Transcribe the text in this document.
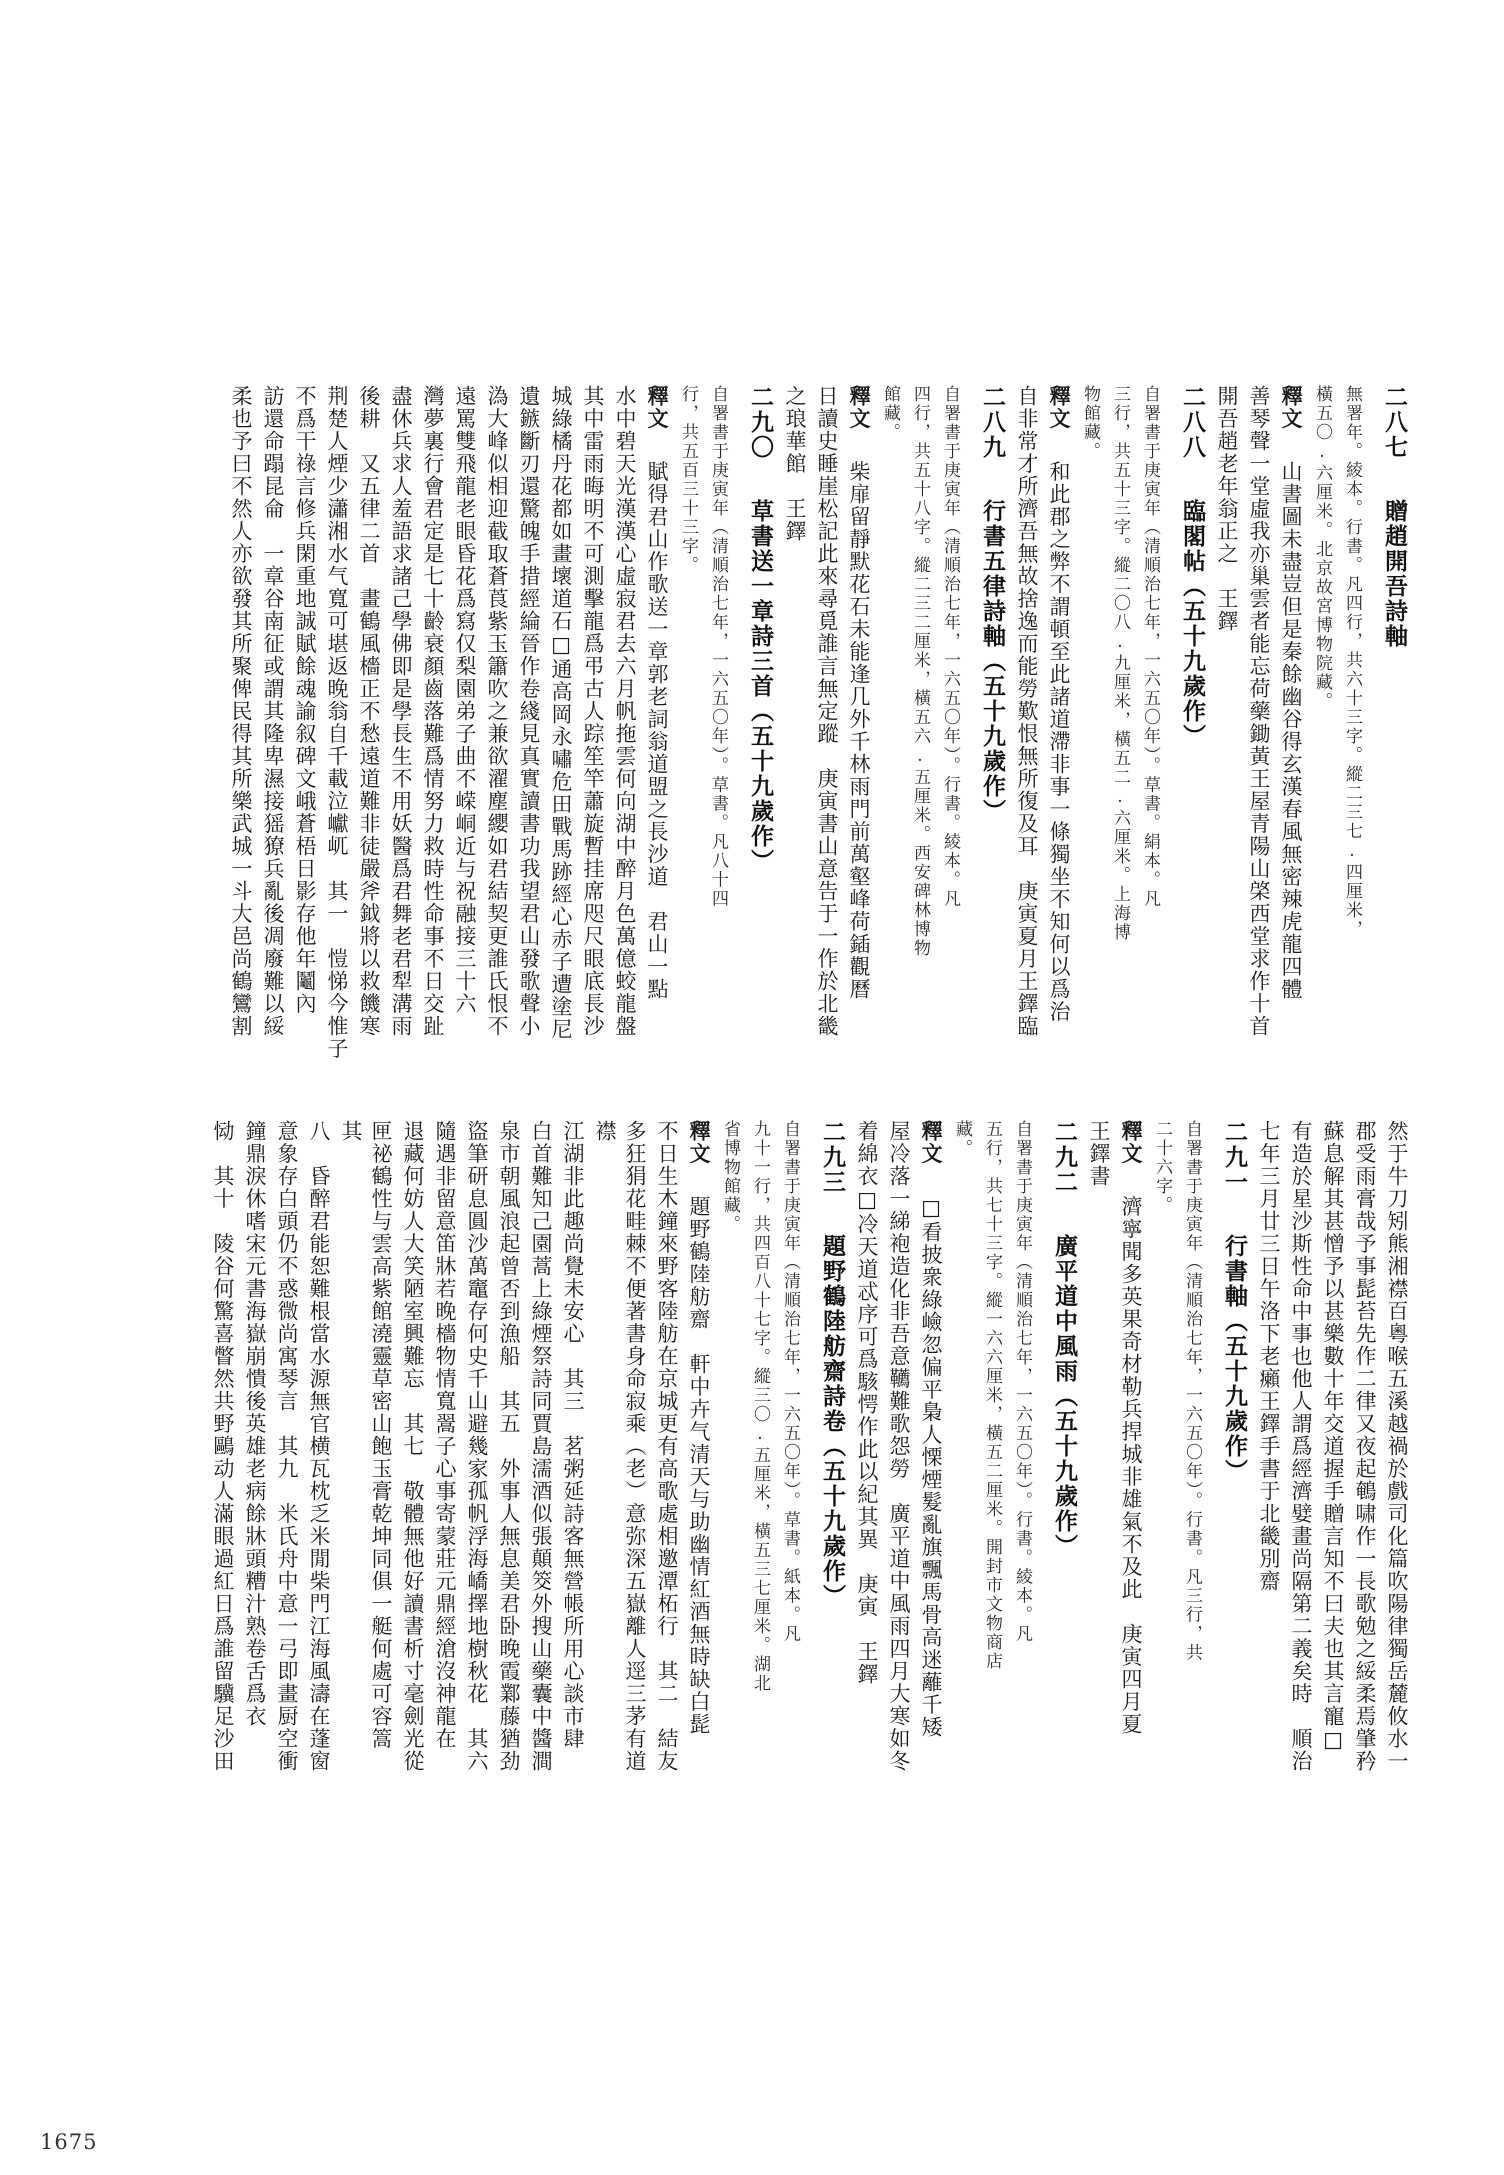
二八七　贈趙開吾詩軸
無署年。綾本。行書。凡四行，共六十三字。縱二三七.四厘米，
橫五〇.六厘米。北京故宮博物院藏。
釋文　山書圖未盡豈但是秦餘幽谷得玄漢春風無密辣虎龍四體
善琴聲一堂虛我亦巢雲者能忘荷藥鋤黃王屋青陽山棨西堂求作十首
開吾趙老年翁正之　王鐸
二八八　臨閣帖（五十九歲作）
自署書于庚寅年（清順治七年，一六五〇年）。草書。絹本。凡
三行，共五十三字。縱二〇八.九厘米，橫五二.六厘米。上海博
物館藏。
釋文　和此郡之弊不謂頓至此諸道滯非事一條獨坐不知何以爲治
自非常才所濟吾無故捨逸而能勞歎恨無所復及耳　庚寅夏月王鐸臨
二八九　行書五律詩軸（五十九歲作）
自署書于庚寅年（清順治七年，一六五〇年）。行書。綾本。凡
四行，共五十八字。縱二三二厘米，橫五六.五厘米。西安碑林博物
館藏。
釋文　柴扉留靜默花石未能逢几外千林雨門前萬壑峰荷鍤觀曆
日讀史睡崖松記此來尋覓誰言無定蹤　庚寅書山意告于一作於北畿
之琅華館　王鐸
二九〇　草書送一章詩三首（五十九歲作）
自署書于庚寅年（清順治七年，一六五〇年）。草書。凡八十四
行，共五百三十三字。
釋文　賦得君山作歌送一章郭老詞翁道盟之長沙道　君山一點
水中碧天光漢漢心虛寂君去六月帆拖雲何向湖中醉月色萬億蛟龍盤
其中雷雨晦明不可測擊龍爲弔古人踪笙竿蕭旋暫挂席咫尺眼底長沙
城綠橘丹花都如畫壞道石□通高岡永嘯危田戰馬跡經心赤子遭塗尼
遺鏃斷刃還驚魄手措經綸晉作卷綫見真實讀書功我望君山發歌聲小
溈大峰似相迎截取蒼莨紫玉簫吹之兼欲濯塵纓如君結契更誰氏恨不
遠罵雙飛龍老眼昏花爲寫仅梨園弟子曲不嵘峒近与祝融接三十六
灣夢裏行會君定是七十齡衰顏齒落難爲情努力救時性命事不日交趾
盡休兵求人羞語求諸己學佛即是學長生不用妖醫爲君舞老君犁溝雨
後耕　又五律二首　畫鶴風檣正不愁遠道難非徒嚴斧鉞將以救饑寒
荆楚人煙少瀟湘水气寬可堪返晚翁自千載泣巘屼　其一　愷悌今惟子
不爲干祿言修兵閑重地誠賦餘魂諭叙碑文峨蒼梧日影存他年鬮內
訪還命蹋昆侖　一章谷南征或謂其隆卑濕接猺獠兵亂後凋廢難以綏
柔也予曰不然人亦欲發其所聚俾民得其所樂武城一斗大邑尚鶴鸞割
然于牛刀矧熊湘襟百粵喉五溪越禍於戲司化篇吹陽律獨岳麓攸水一
郡受雨膏哉予事髭苔先作二律又夜起鵪啸作一長歌勉之綏柔焉肇矜
蘇息解其甚憎予以甚樂數十年交道握手贈言知不曰夫也其言寵□
有造於星沙斯性命中事也他人謂爲經濟嬖畫尚隔第二義矣時　順治
七年三月廿三日午洛下老癩王鐸手書于北畿別齋
二九一　行書軸（五十九歲作）
自署書于庚寅年（清順治七年，一六五〇年）。行書。凡三行，共
二十六字。
釋文　濟寧聞多英果奇材勒兵捍城非雄氣不及此　庚寅四月夏
王鐸書
二九二　廣平道中風雨（五十九歲作）
自署書于庚寅年（清順治七年，一六五〇年）。行書。綾本。凡
五行，共七十三字。縱一六六厘米，橫五二厘米。開封市文物商店
藏。
釋文　□看披衆綠嶮忽偏平梟人慄煙髮亂旗飄馬骨高迷蘺千矮
屋冷落一綈袍造化非吾意韉難歌怨勞　廣平道中風雨四月大寒如冬
着綿衣□冷天道忒序可爲駭愕作此以紀其異　庚寅　王鐸
二九三　題野鶴陸舫齋詩卷（五十九歲作）
自署書于庚寅年（清順治七年，一六五〇年）。草書。紙本。凡
九十一行，共四百八十七字。縱三〇.五厘米，橫五三七厘米。湖北
省博物館藏。
釋文　題野鶴陸舫齋　軒中卉气清天与助幽情紅酒無時缺白髭
不日生木鐘來野客陸舫在京城更有高歌處相邀潭柘行　其二　結友
多狂狷花畦棘不便著書身命寂乘（老）意弥深五嶽離人逕三茅有道襟
江湖非此趣尚覺未安心　其三　茗粥延詩客無營帳所用心談市肆
白首難知己園蒿上綠煙祭詩同賈島濡酒似張顛筊外搜山藥囊中醬澗
泉市朝風浪起曾否到漁船　其五　外事人無息美君卧晚霞鄴藤猶劲
盜筆研息圓沙萬竈存何史千山避幾家孤帆浮海嶠擇地樹秋花　其六
隨遇非留意笛牀若晚檣物情寬翯子心事寄蒙莊元鼎經滄沒神龍在
退藏何妨人大笑陋室興難忘　其七　敬體無他好讀書析寸毫劍光從
匣祕鶴性与雲高紫館澆靈草密山飽玉膏乾坤同俱一艇何處可容篙　其
八　昏醉君能恕難根當水源無官横瓦枕乏米閒柴門江海風濤在蓬窗
意象存白頭仍不惑微尚寓琴言　其九　米氏舟中意一弓即畫厨空衝
鐘鼎淚休嗜宋元書海嶽崩憒後英雄老病餘牀頭糟汁熟卷舌爲衣
恸　其十　陵谷何驚喜瞥然共野鷗动人滿眼過紅日爲誰留驥足沙田
1675
